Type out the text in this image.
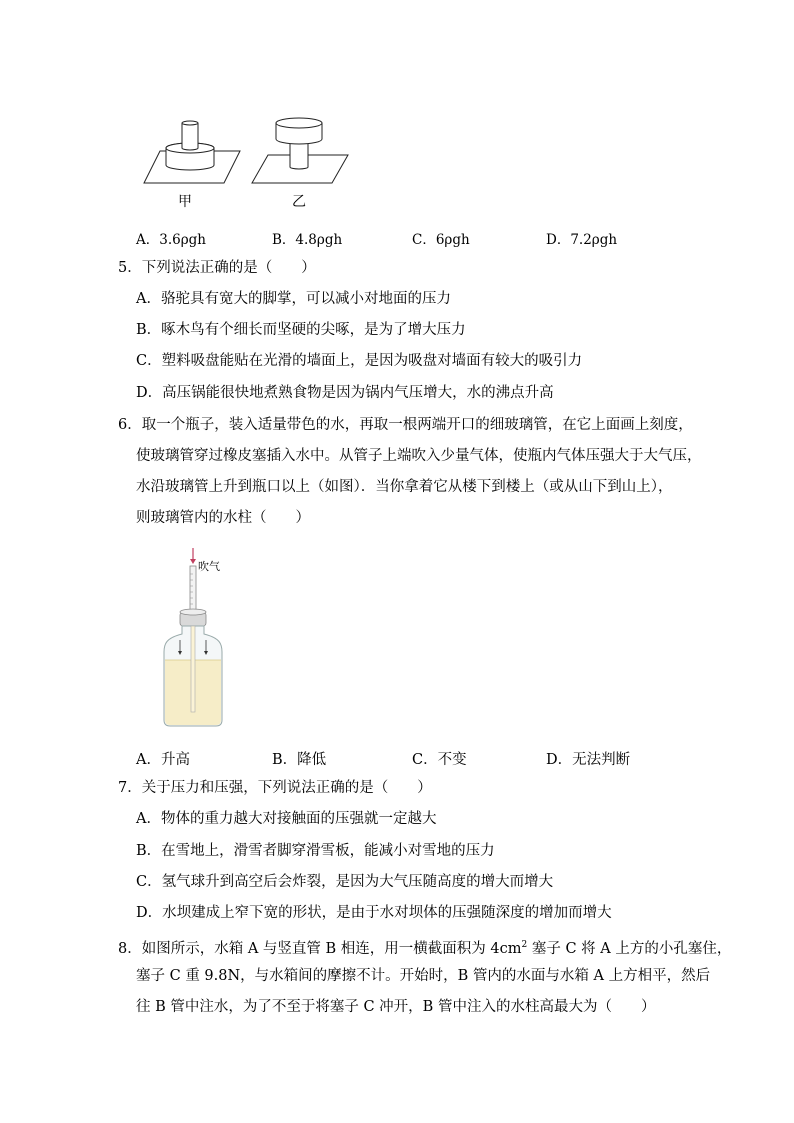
甲	乙
A．3.6ρgh	B．4.8ρgh	C．6ρgh	D．7.2ρgh
5．下列说法正确的是（　　）
A．骆驼具有宽大的脚掌，可以减小对地面的压力
B．啄木鸟有个细长而坚硬的尖啄，是为了增大压力
C．塑料吸盘能贴在光滑的墙面上，是因为吸盘对墙面有较大的吸引力
D．高压锅能很快地煮熟食物是因为锅内气压增大，水的沸点升高
6．取一个瓶子，装入适量带色的水，再取一根两端开口的细玻璃管，在它上面画上刻度，
使玻璃管穿过橡皮塞插入水中。从管子上端吹入少量气体，使瓶内气体压强大于大气压，
水沿玻璃管上升到瓶口以上（如图）．当你拿着它从楼下到楼上（或从山下到山上），
则玻璃管内的水柱（　　）
吹气
A．升高	B．降低	C．不变	D．无法判断
7．关于压力和压强，下列说法正确的是（　　）
A．物体的重力越大对接触面的压强就一定越大
B．在雪地上，滑雪者脚穿滑雪板，能减小对雪地的压力
C．氢气球升到高空后会炸裂，是因为大气压随高度的增大而增大
D．水坝建成上窄下宽的形状，是由于水对坝体的压强随深度的增加而增大
8．如图所示，水箱 A 与竖直管 B 相连，用一横截面积为 $4cm^2$ 塞子 C 将 A 上方的小孔塞住，
塞子 C 重 9.8N，与水箱间的摩擦不计。开始时，B 管内的水面与水箱 A 上方相平，然后
往 B 管中注水，为了不至于将塞子 C 冲开，B 管中注入的水柱高最大为（　　）
